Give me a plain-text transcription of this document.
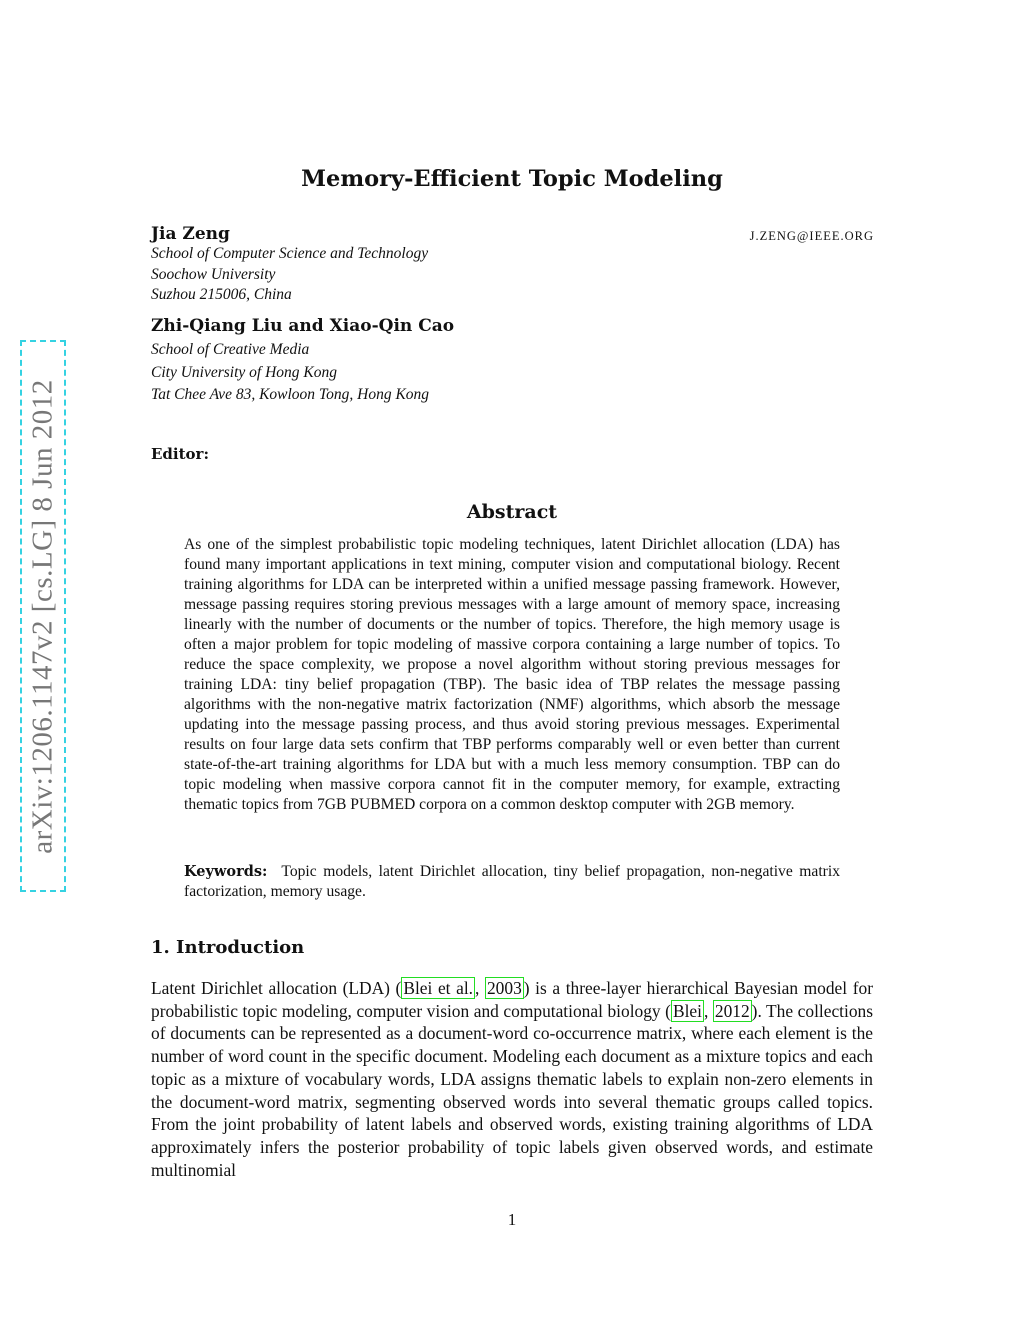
arXiv:1206.1147v2 [cs.LG] 8 Jun 2012
Memory-Efficient Topic Modeling
Jia Zeng
School of Computer Science and Technology
Soochow University
Suzhou 215006, China
J.ZENG@IEEE.ORG
Zhi-Qiang Liu and Xiao-Qin Cao
School of Creative Media
City University of Hong Kong
Tat Chee Ave 83, Kowloon Tong, Hong Kong
Editor:
Abstract
As one of the simplest probabilistic topic modeling techniques, latent Dirichlet allocation (LDA) has found many important applications in text mining, computer vision and computational biology. Recent training algorithms for LDA can be interpreted within a unified message passing framework. However, message passing requires storing previous messages with a large amount of memory space, increasing linearly with the number of documents or the number of topics. Therefore, the high memory usage is often a major problem for topic modeling of massive corpora containing a large number of topics. To reduce the space complexity, we propose a novel algorithm without storing previous messages for training LDA: tiny belief propagation (TBP). The basic idea of TBP relates the message passing algorithms with the non-negative matrix factorization (NMF) algorithms, which absorb the message updating into the message passing process, and thus avoid storing previous messages. Experimental results on four large data sets confirm that TBP performs comparably well or even better than current state-of-the-art training algorithms for LDA but with a much less memory consumption. TBP can do topic modeling when massive corpora cannot fit in the computer memory, for example, extracting thematic topics from 7GB PUBMED corpora on a common desktop computer with 2GB memory.
Keywords: Topic models, latent Dirichlet allocation, tiny belief propagation, non-negative matrix factorization, memory usage.
1. Introduction
Latent Dirichlet allocation (LDA) ( Blei et al. , 2003 ) is a three-layer hierarchical Bayesian model for probabilistic topic modeling, computer vision and computational biology ( Blei , 2012 ). The collections of documents can be represented as a document-word co-occurrence matrix, where each element is the number of word count in the specific document. Modeling each document as a mixture topics and each topic as a mixture of vocabulary words, LDA assigns thematic labels to explain non-zero elements in the document-word matrix, segmenting observed words into several thematic groups called topics. From the joint probability of latent labels and observed words, existing training algorithms of LDA approximately infers the posterior probability of topic labels given observed words, and estimate multinomial
1
